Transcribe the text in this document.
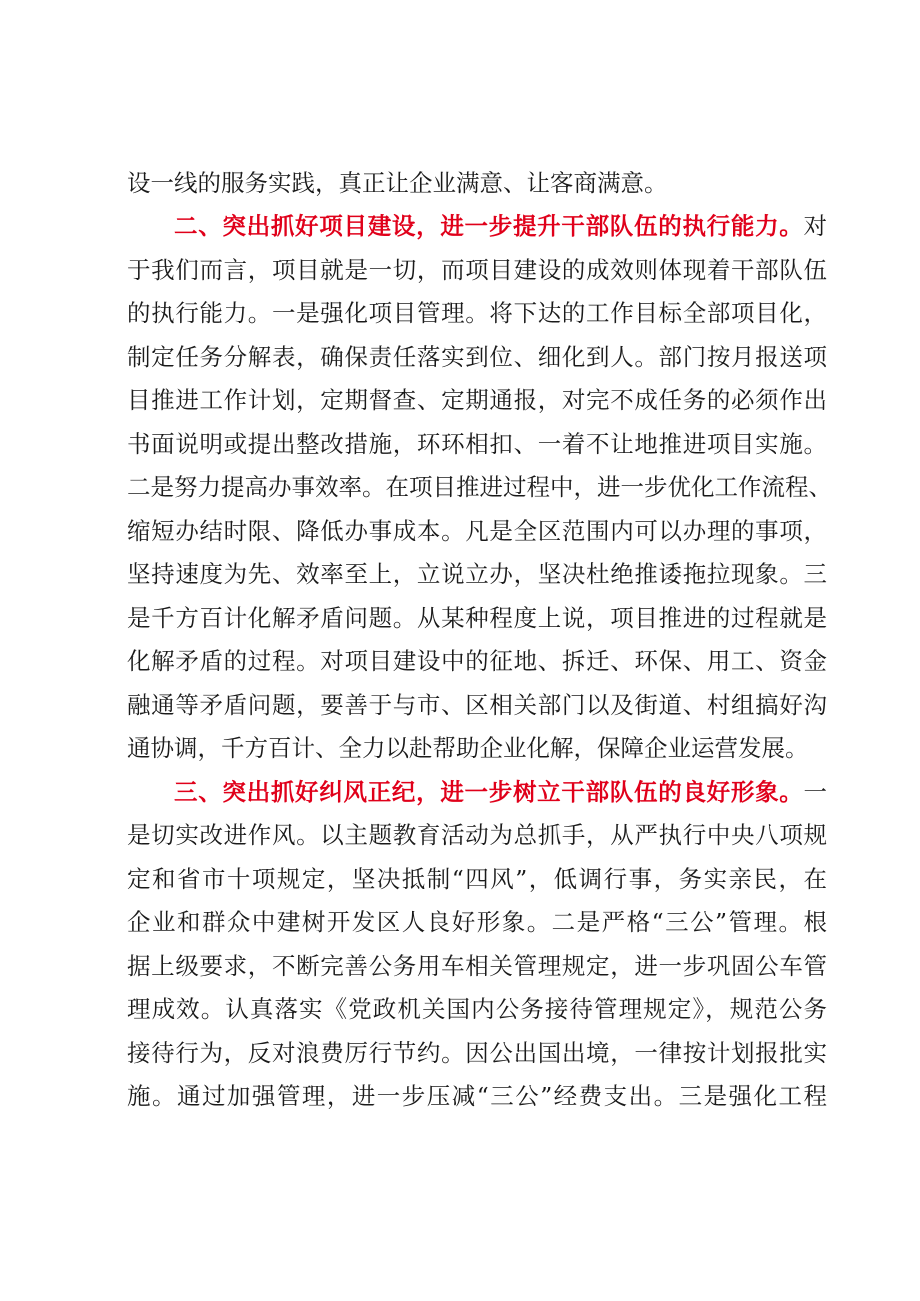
设一线的服务实践，真正让企业满意、让客商满意。
二、突出抓好项目建设，进一步提升干部队伍的执行能力。对
于我们而言，项目就是一切，而项目建设的成效则体现着干部队伍
的执行能力。一是强化项目管理。将下达的工作目标全部项目化，
制定任务分解表，确保责任落实到位、细化到人。部门按月报送项
目推进工作计划，定期督查、定期通报，对完不成任务的必须作出
书面说明或提出整改措施，环环相扣、一着不让地推进项目实施。
二是努力提高办事效率。在项目推进过程中，进一步优化工作流程、
缩短办结时限、降低办事成本。凡是全区范围内可以办理的事项，
坚持速度为先、效率至上，立说立办，坚决杜绝推诿拖拉现象。三
是千方百计化解矛盾问题。从某种程度上说，项目推进的过程就是
化解矛盾的过程。对项目建设中的征地、拆迁、环保、用工、资金
融通等矛盾问题，要善于与市、区相关部门以及街道、村组搞好沟
通协调，千方百计、全力以赴帮助企业化解，保障企业运营发展。
三、突出抓好纠风正纪，进一步树立干部队伍的良好形象。一
是切实改进作风。以主题教育活动为总抓手，从严执行中央八项规
定和省市十项规定，坚决抵制“四风”，低调行事，务实亲民，在
企业和群众中建树开发区人良好形象。二是严格“三公”管理。根
据上级要求，不断完善公务用车相关管理规定，进一步巩固公车管
理成效。认真落实《党政机关国内公务接待管理规定》，规范公务
接待行为，反对浪费厉行节约。因公出国出境，一律按计划报批实
施。通过加强管理，进一步压减“三公”经费支出。三是强化工程
